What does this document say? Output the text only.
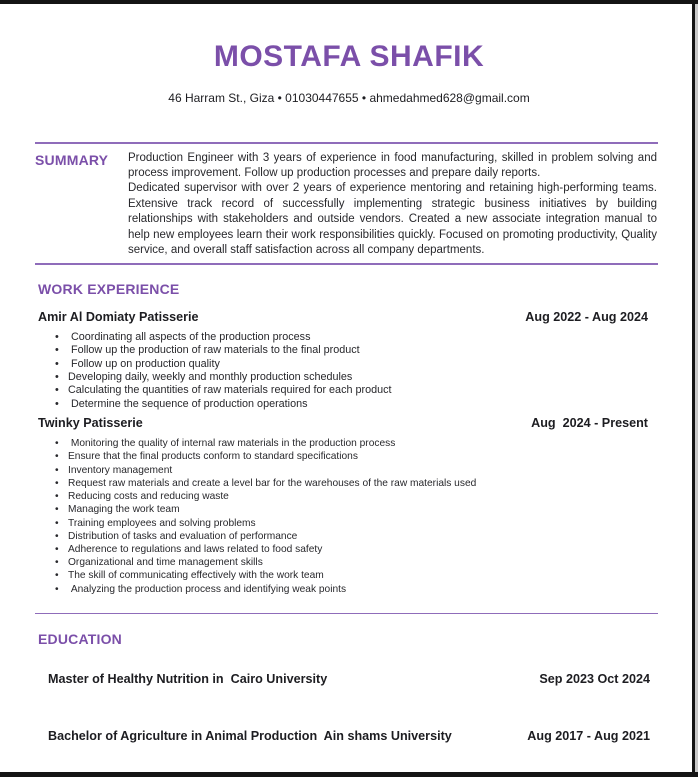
MOSTAFA SHAFIK
46 Harram St., Giza • 01030447655 • ahmedahmed628@gmail.com
SUMMARY	Production Engineer with 3 years of experience in food manufacturing, skilled in problem solving and process improvement. Follow up production processes and prepare daily reports.

Dedicated supervisor with over 2 years of experience mentoring and retaining high-performing teams. Extensive track record of successfully implementing strategic business initiatives by building relationships with stakeholders and outside vendors. Created a new associate integration manual to help new employees learn their work responsibilities quickly. Focused on promoting productivity, Quality service, and overall staff satisfaction across all company departments.

WORK EXPERIENCE
Amir Al Domiaty Patisserie	Aug 2022 - Aug 2024
•  Coordinating all aspects of the production process
•  Follow up the production of raw materials to the final product
•  Follow up on production quality
• Developing daily, weekly and monthly production schedules
• Calculating the quantities of raw materials required for each product
•  Determine the sequence of production operations
Twinky Patisserie	Aug  2024 - Present
•  Monitoring the quality of internal raw materials in the production process
• Ensure that the final products conform to standard specifications
• Inventory management
• Request raw materials and create a level bar for the warehouses of the raw materials used
• Reducing costs and reducing waste
• Managing the work team
• Training employees and solving problems
• Distribution of tasks and evaluation of performance
• Adherence to regulations and laws related to food safety
• Organizational and time management skills
• The skill of communicating effectively with the work team
•  Analyzing the production process and identifying weak points
EDUCATION
Master of Healthy Nutrition in  Cairo University	Sep 2023 Oct 2024
Bachelor of Agriculture in Animal Production  Ain shams University	Aug 2017 - Aug 2021
